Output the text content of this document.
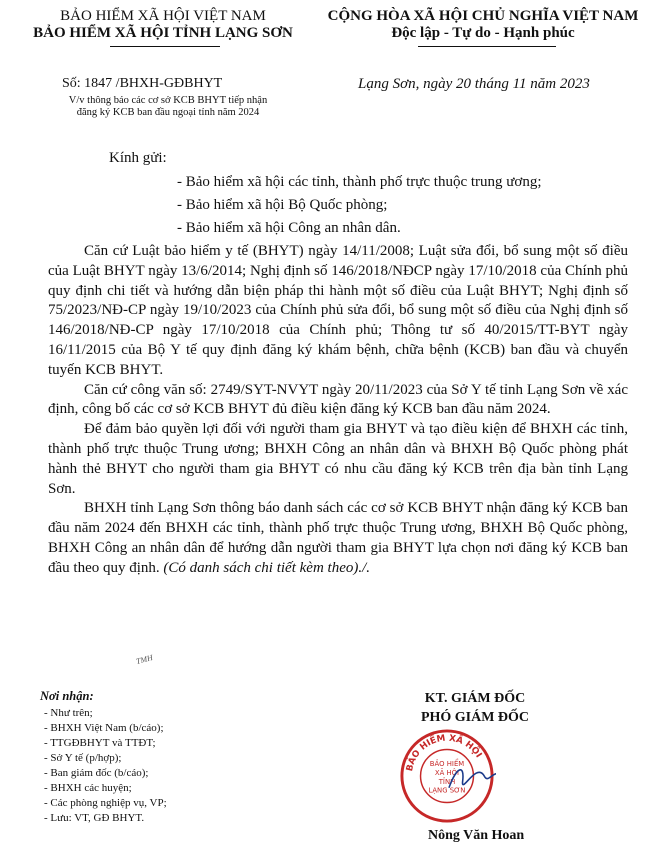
BẢO HIỂM XÃ HỘI VIỆT NAM
BẢO HIỂM XÃ HỘI TỈNH LẠNG SƠN
CỘNG HÒA XÃ HỘI CHỦ NGHĨA VIỆT NAM
Độc lập - Tự do - Hạnh phúc
Số: 1847 /BHXH-GĐBHYT
V/v thông báo các cơ sở KCB BHYT tiếp nhận
đăng ký KCB ban đầu ngoại tỉnh năm 2024
Lạng Sơn, ngày 20 tháng 11 năm 2023
Kính gửi:
- Bảo hiểm xã hội các tỉnh, thành phố trực thuộc trung ương;
- Bảo hiểm xã hội Bộ Quốc phòng;
- Bảo hiểm xã hội Công an nhân dân.

Căn cứ Luật bảo hiểm y tế (BHYT) ngày 14/11/2008; Luật sửa đổi, bổ sung một số điều của Luật BHYT ngày 13/6/2014; Nghị định số 146/2018/NĐCP ngày 17/10/2018 của Chính phủ quy định chi tiết và hướng dẫn biện pháp thi hành một số điều của Luật BHYT; Nghị định số 75/2023/NĐ-CP ngày 19/10/2023 của Chính phủ sửa đổi, bổ sung một số điều của Nghị định số 146/2018/NĐ-CP ngày 17/10/2018 của Chính phủ; Thông tư số 40/2015/TT-BYT ngày 16/11/2015 của Bộ Y tế quy định đăng ký khám bệnh, chữa bệnh (KCB) ban đầu và chuyển tuyến KCB BHYT.

Căn cứ công văn số: 2749/SYT-NVYT ngày 20/11/2023 của Sở Y tế tỉnh Lạng Sơn về xác định, công bố các cơ sở KCB BHYT đủ điều kiện đăng ký KCB ban đầu năm 2024.

Để đảm bảo quyền lợi đối với người tham gia BHYT và tạo điều kiện để BHXH các tỉnh, thành phố trực thuộc Trung ương; BHXH Công an nhân dân và BHXH Bộ Quốc phòng phát hành thẻ BHYT cho người tham gia BHYT có nhu cầu đăng ký KCB trên địa bàn tỉnh Lạng Sơn.

BHXH tỉnh Lạng Sơn thông báo danh sách các cơ sở KCB BHYT nhận đăng ký KCB ban đầu năm 2024 đến BHXH các tỉnh, thành phố trực thuộc Trung ương, BHXH Bộ Quốc phòng, BHXH Công an nhân dân để hướng dẫn người tham gia BHYT lựa chọn nơi đăng ký KCB ban đầu theo quy định. (Có danh sách chi tiết kèm theo)./.

TMH
Nơi nhận:
- Như trên;
- BHXH Việt Nam (b/cáo);
- TTGĐBHYT và TTĐT;
- Sở Y tế (p/hợp);
- Ban giám đốc (b/cáo);
- BHXH các huyện;
- Các phòng nghiệp vụ, VP;
- Lưu: VT, GĐ BHYT.
KT. GIÁM ĐỐC
PHÓ GIÁM ĐỐC
BẢO HIỂM XÃ HỘI
BẢO HIỂM
XÃ HỘI
TỈNH
LẠNG SƠN
Nông Văn Hoan
